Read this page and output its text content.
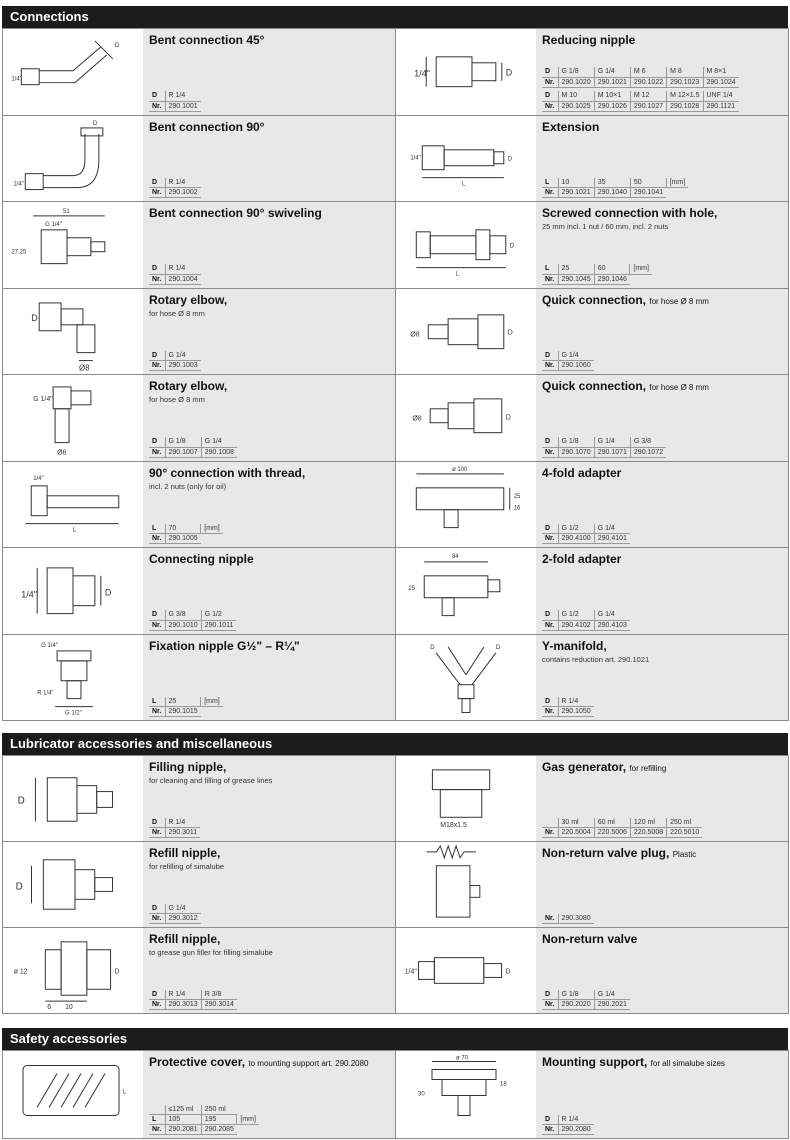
Connections
1/4"
D Bent connection 45°
D	R 1/4
Nr.	290.1001
1/4"	D
Reducing nipple
D	G 1/8	G 1/4	M 6	M 8	M 8×1
Nr.	290.1020	290.1021	290.1022	290.1023	290.1024

D	M 10	M 10×1	M 12	M 12×1.5	UNF 1/4
Nr.	290.1025	290.1026	290.1027	290.1028	290.1121
1/4"
D	Bent connection 90°
D	R 1/4
Nr.	290.1002
1/4"
L
D
Extension
L	10	35	50	[mm]
Nr.	290.1021	290.1040	290.1041	
51
G 1/4"
27.25
Bent connection 90° swiveling
D	R 1/4
Nr.	290.1004
L
D
Screwed connection with hole,
25 mm incl. 1 nut / 60 mm, incl. 2 nuts
L	25	60	[mm]
Nr.	290.1045	290.1046	
D
Ø8
Rotary elbow,
for hose Ø 8 mm
D	G 1/4
Nr.	290.1003
Ø8	D
Quick connection, for hose Ø 8 mm
D	G 1/4
Nr.	290.1060
G 1/4"
Ø6
Rotary elbow,
for hose Ø 8 mm
D	G 1/8	G 1/4
Nr.	290.1007	290.1008
Ø8	D
Quick connection, for hose Ø 8 mm
D	G 1/8	G 1/4	G 3/8
Nr.	290.1070	290.1071	290.1072
1/4"
L
90° connection with thread,
incl. 2 nuts (only for oil)
L	70	[mm]
Nr.	290.1005	
ø 100
25
16
4-fold adapter
D	G 1/2	G 1/4
Nr.	290.4100	290.4101
1/4"	D
Connecting nipple
D	G 3/8	G 1/2
Nr.	290.1010	290.1011
84
25
2-fold adapter
D	G 1/2	G 1/4
Nr.	290.4102	290.4103
G 1/4"
R 1/4"
G 1/2"
Fixation nipple G½" – R¼"
L	25	[mm]
Nr.	290.1015	
D	D	Y-manifold,
contains reduction art. 290.1021
D	R 1/4
Nr.	290.1050
Lubricator accessories and miscellaneous
D
Filling nipple,
for cleaning and filling of grease lines
D	R 1/4
Nr.	290.3011
M18x1.5
Gas generator, for refilling
	30 ml	60 ml	120 ml	250 ml
Nr.	220.5004	220.5006	220.5008	220.5010
D
Refill nipple,
for refilling of simalube
D	G 1/4
Nr.	290.3012
Non-return valve plug, Plastic
Nr.	290.3080
ø 12	D
6 10
Refill nipple,
to grease gun filler for filling simalube
D	R 1/4	R 3/8
Nr.	290.3013	290.3014
1/4"	D
Non-return valve
D	G 1/8	G 1/4
Nr.	290.2020	290.2021
Safety accessories
L
Protective cover, to mounting support art. 290.2080
	≤125 ml	250 ml	
L	105	195	[mm]
Nr.	290.2081	290.2085	
ø 70
18
30
Mounting support, for all simalube sizes
D	R 1/4
Nr.	290.2080
